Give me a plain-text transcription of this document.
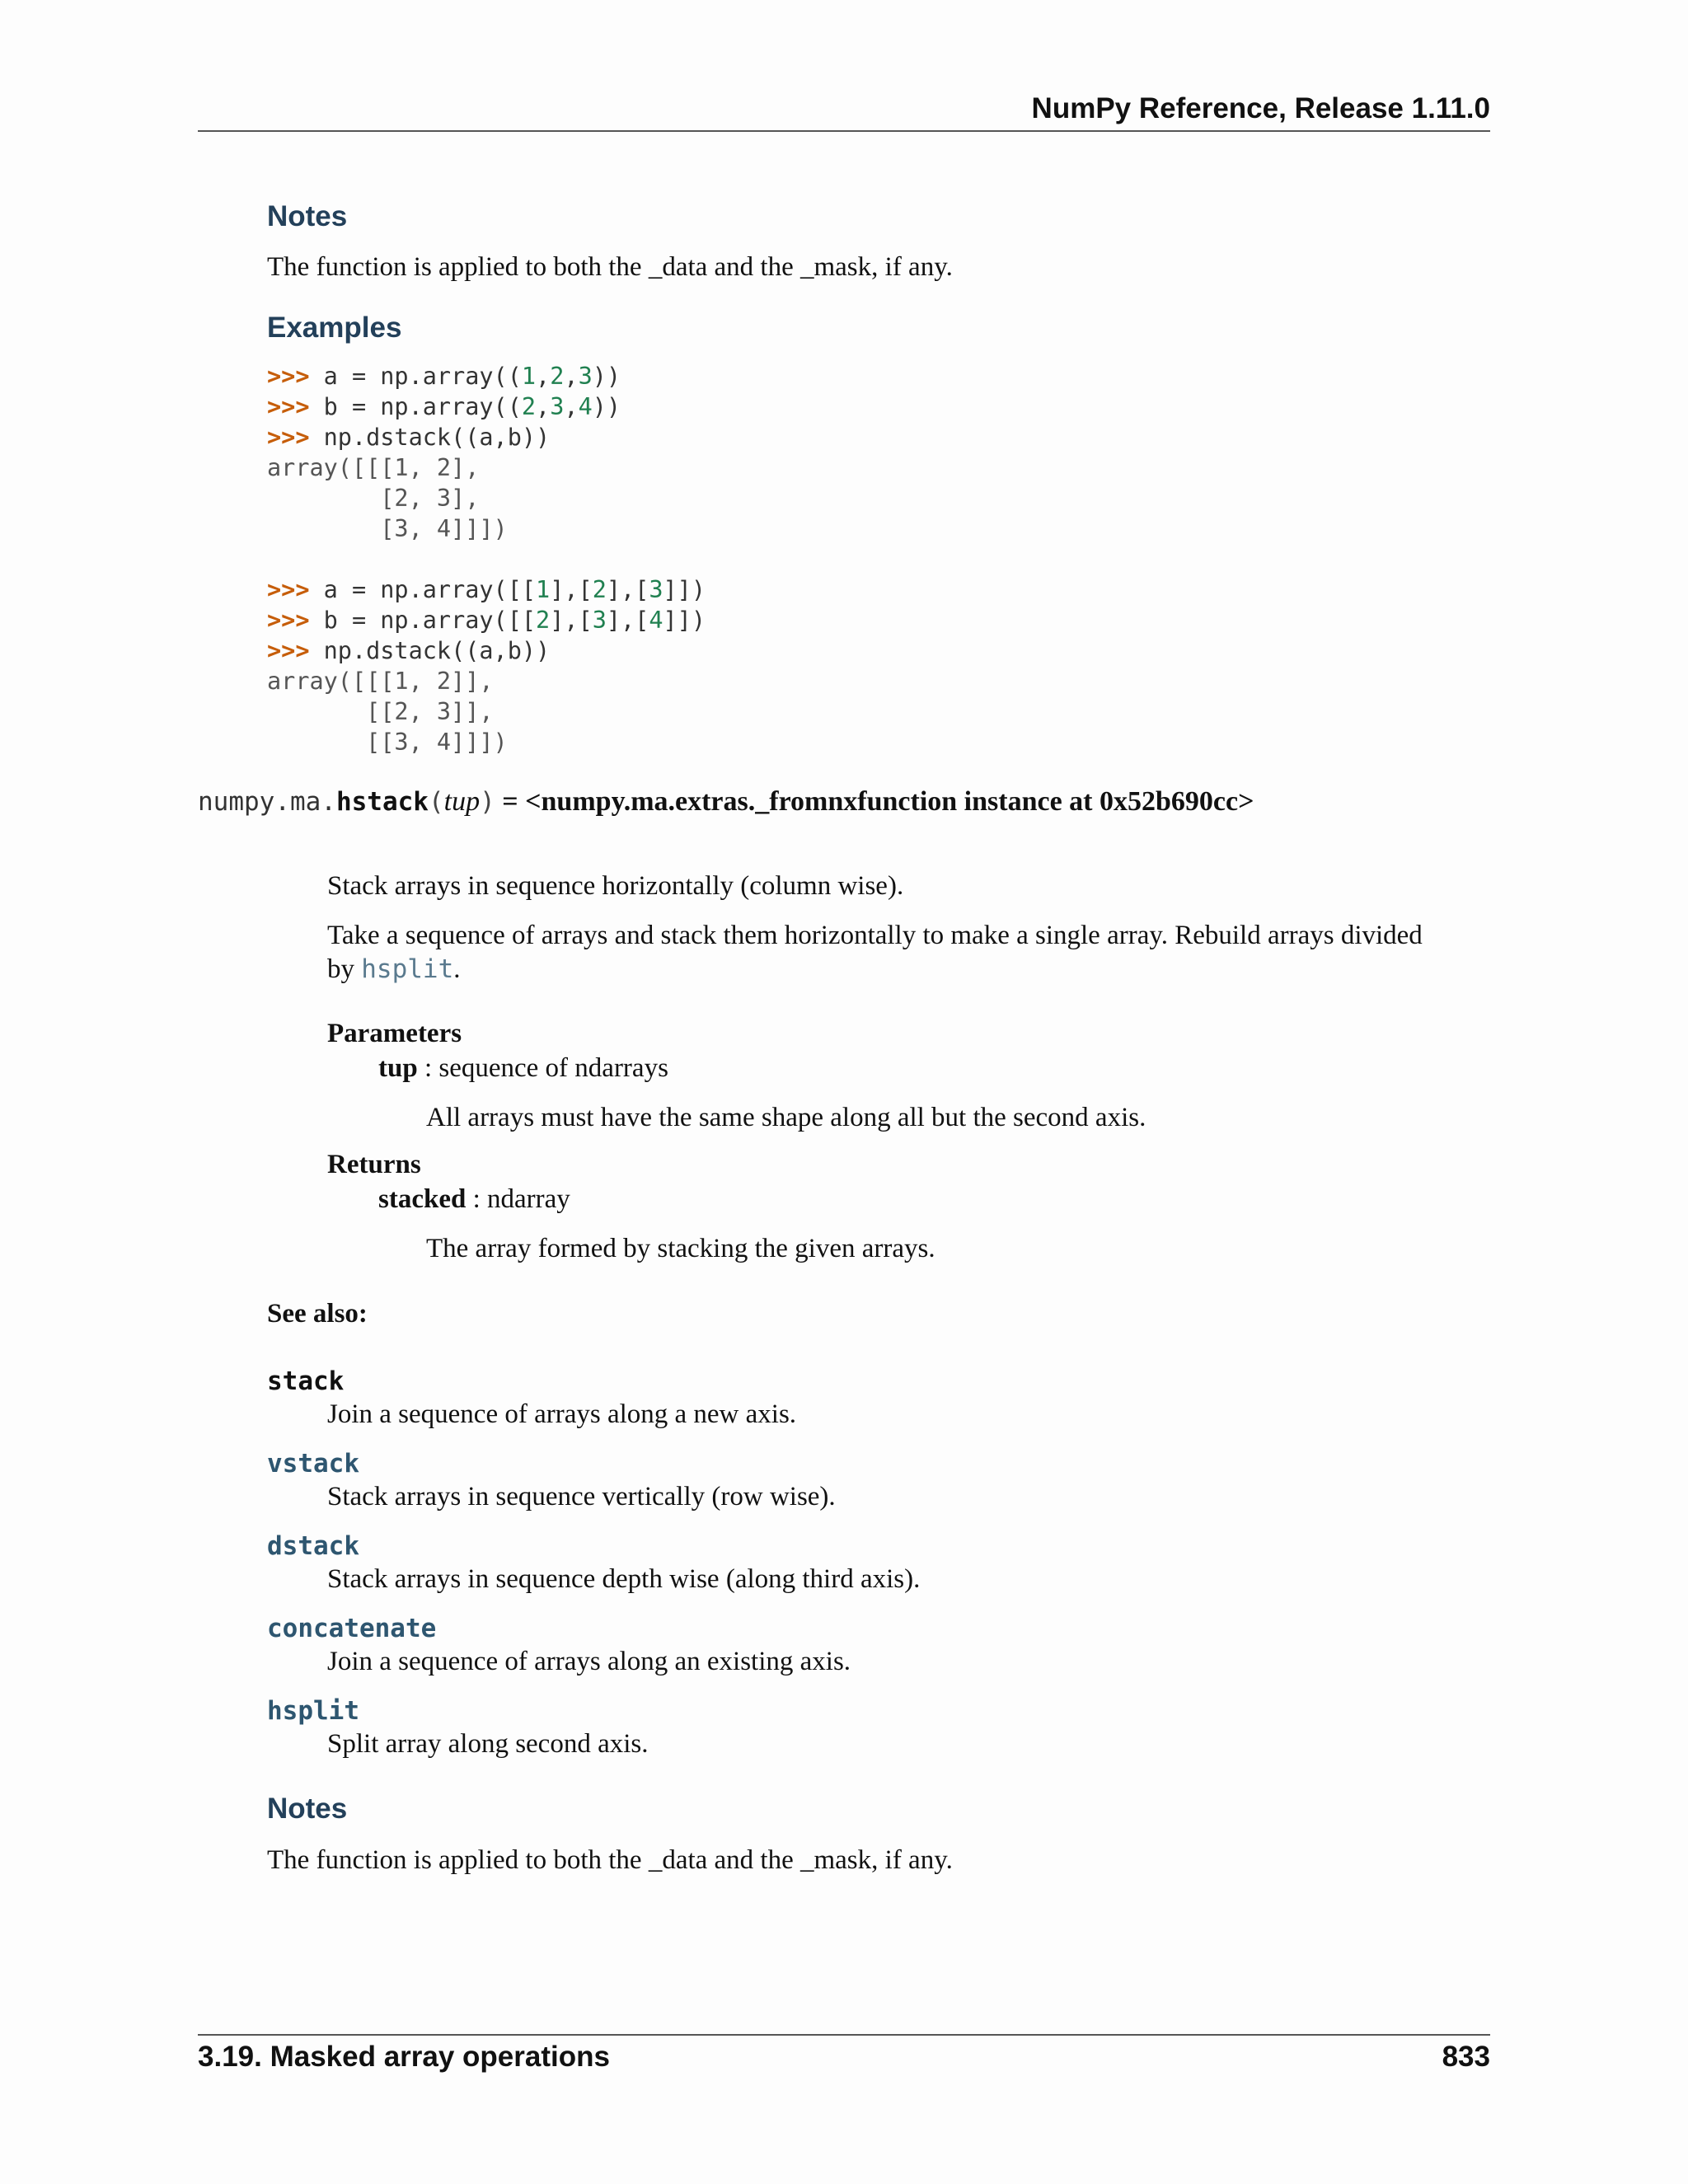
NumPy Reference, Release 1.11.0
Notes
The function is applied to both the _data and the _mask, if any.
Examples
>>> a = np.array((1,2,3))
>>> b = np.array((2,3,4))
>>> np.dstack((a,b))
array([[[1, 2],
[2, 3],
[3, 4]]])
>>> a = np.array([[1],[2],[3]])
>>> b = np.array([[2],[3],[4]])
>>> np.dstack((a,b))
array([[[1, 2]],
[[2, 3]],
[[3, 4]]])
numpy.ma.hstack(tup) = <numpy.ma.extras._fromnxfunction instance at 0x52b690cc>
Stack arrays in sequence horizontally (column wise).
Take a sequence of arrays and stack them horizontally to make a single array. Rebuild arrays divided
by hsplit.
Parameters
tup : sequence of ndarrays
All arrays must have the same shape along all but the second axis.
Returns
stacked : ndarray
The array formed by stacking the given arrays.
See also:
stack
Join a sequence of arrays along a new axis.
vstack
Stack arrays in sequence vertically (row wise).
dstack
Stack arrays in sequence depth wise (along third axis).
concatenate
Join a sequence of arrays along an existing axis.
hsplit
Split array along second axis.
Notes
The function is applied to both the _data and the _mask, if any.
3.19. Masked array operations	833
